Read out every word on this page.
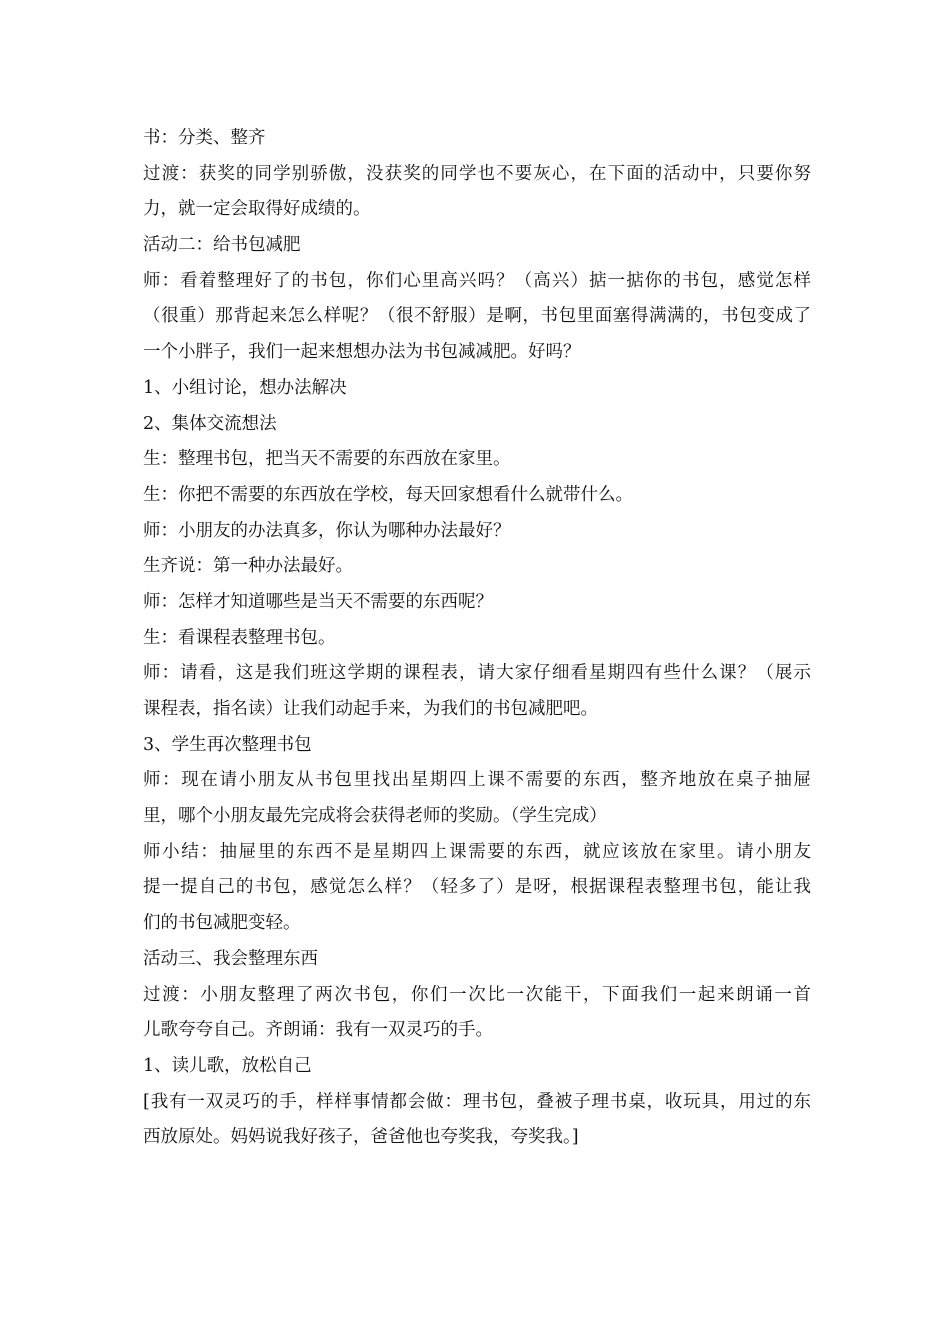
书：分类、整齐
过渡：获奖的同学别骄傲，没获奖的同学也不要灰心，在下面的活动中，只要你努
力，就一定会取得好成绩的。
活动二：给书包减肥
师：看着整理好了的书包，你们心里高兴吗？（高兴）掂一掂你的书包，感觉怎样
（很重）那背起来怎么样呢？（很不舒服）是啊，书包里面塞得满满的，书包变成了
一个小胖子，我们一起来想想办法为书包减减肥。好吗？
1、小组讨论，想办法解决
2、集体交流想法
生：整理书包，把当天不需要的东西放在家里。
生：你把不需要的东西放在学校，每天回家想看什么就带什么。
师：小朋友的办法真多，你认为哪种办法最好？
生齐说：第一种办法最好。
师：怎样才知道哪些是当天不需要的东西呢？
生：看课程表整理书包。
师：请看，这是我们班这学期的课程表，请大家仔细看星期四有些什么课？（展示
课程表，指名读）让我们动起手来，为我们的书包减肥吧。
3、学生再次整理书包
师：现在请小朋友从书包里找出星期四上课不需要的东西，整齐地放在桌子抽屉
里，哪个小朋友最先完成将会获得老师的奖励。（学生完成）
师小结：抽屉里的东西不是星期四上课需要的东西，就应该放在家里。请小朋友
提一提自己的书包，感觉怎么样？（轻多了）是呀，根据课程表整理书包，能让我
们的书包减肥变轻。
活动三、我会整理东西
过渡：小朋友整理了两次书包，你们一次比一次能干，下面我们一起来朗诵一首
儿歌夸夸自己。齐朗诵：我有一双灵巧的手。
1、读儿歌，放松自己
[我有一双灵巧的手，样样事情都会做：理书包，叠被子理书桌，收玩具，用过的东
西放原处。妈妈说我好孩子，爸爸他也夸奖我，夸奖我。]
